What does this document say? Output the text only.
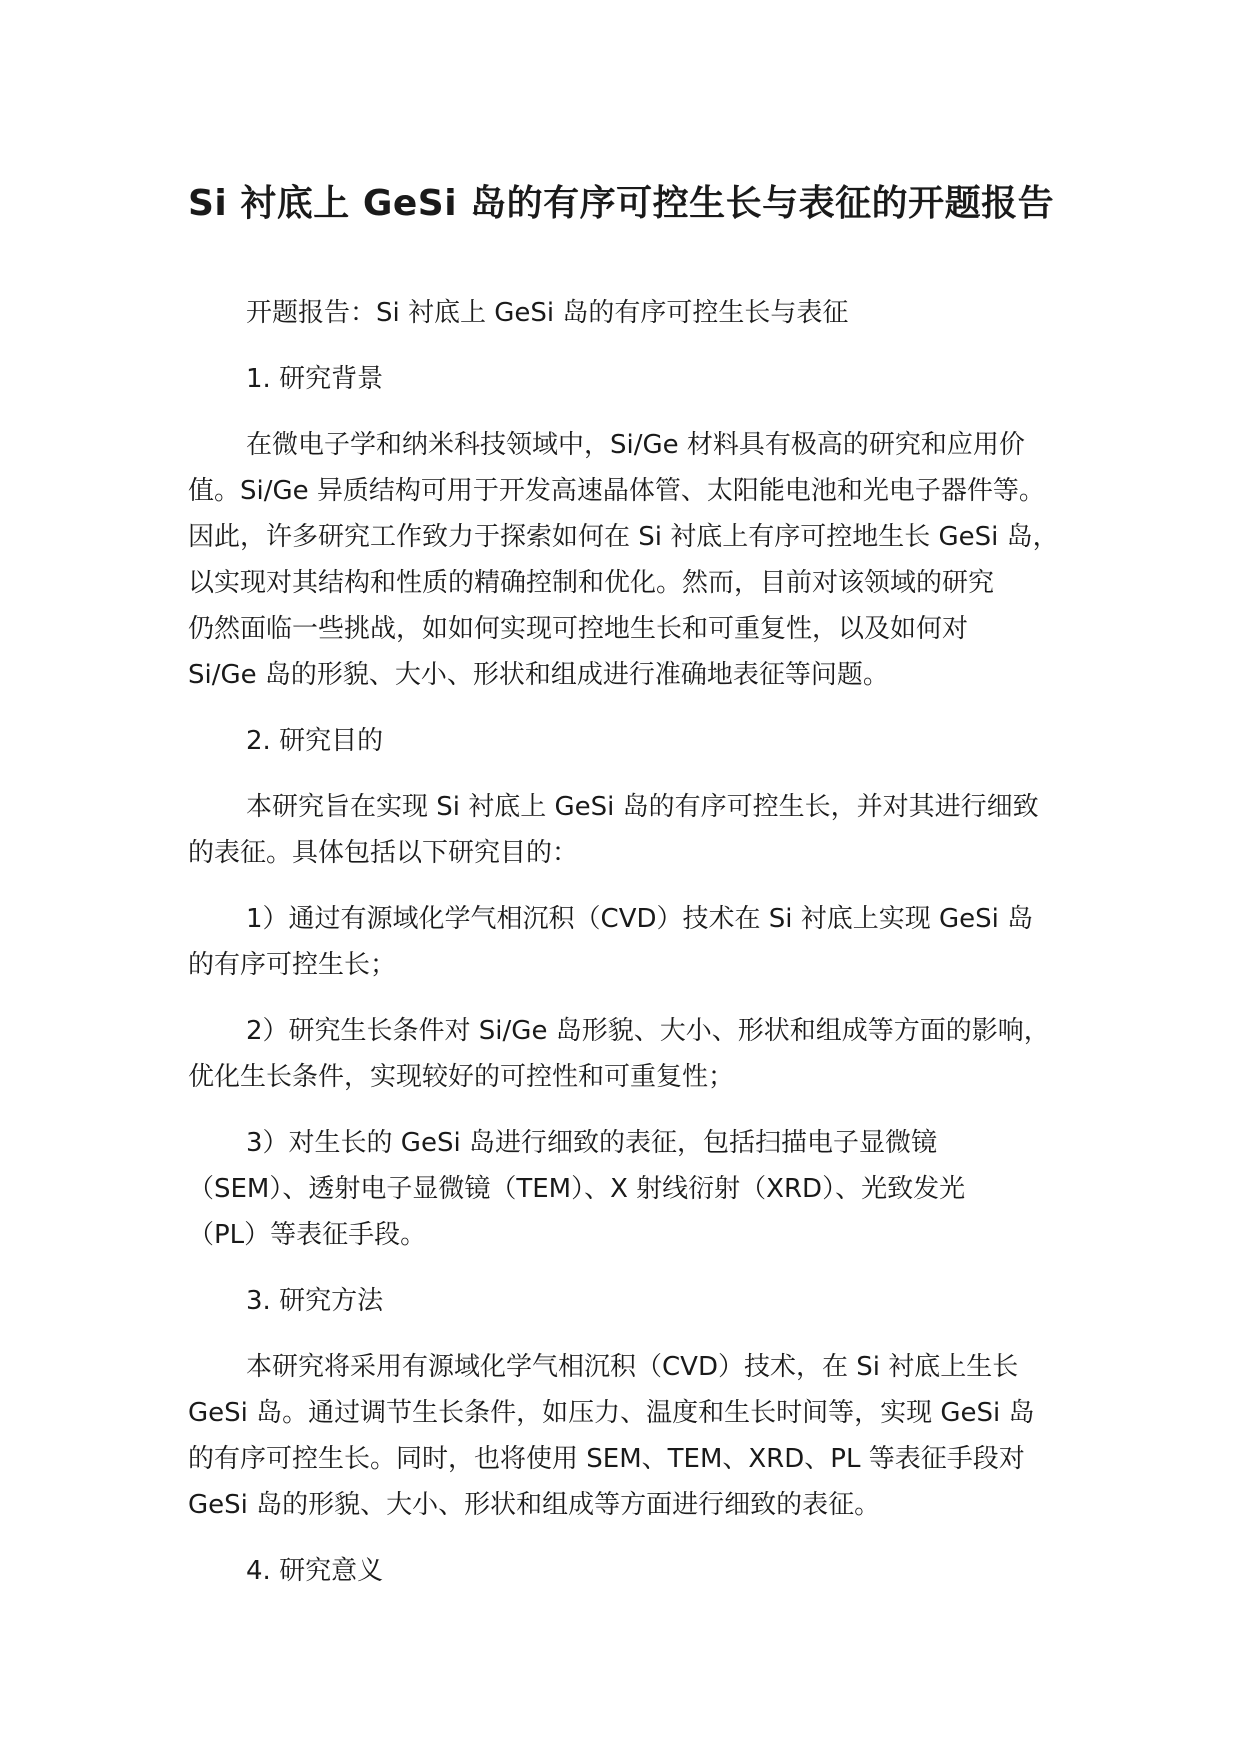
Si 衬底上 GeSi 岛的有序可控生长与表征的开题报告

开题报告：Si 衬底上 GeSi 岛的有序可控生长与表征

1. 研究背景

在微电子学和纳米科技领域中，Si/Ge 材料具有极高的研究和应用价
值。Si/Ge 异质结构可用于开发高速晶体管、太阳能电池和光电子器件等。
因此，许多研究工作致力于探索如何在 Si 衬底上有序可控地生长 GeSi 岛，
以实现对其结构和性质的精确控制和优化。然而，目前对该领域的研究
仍然面临一些挑战，如如何实现可控地生长和可重复性，以及如何对
Si/Ge 岛的形貌、大小、形状和组成进行准确地表征等问题。

2. 研究目的

本研究旨在实现 Si 衬底上 GeSi 岛的有序可控生长，并对其进行细致
的表征。具体包括以下研究目的：

1）通过有源域化学气相沉积（CVD）技术在 Si 衬底上实现 GeSi 岛
的有序可控生长；

2）研究生长条件对 Si/Ge 岛形貌、大小、形状和组成等方面的影响，
优化生长条件，实现较好的可控性和可重复性；

3）对生长的 GeSi 岛进行细致的表征，包括扫描电子显微镜
（SEM）、透射电子显微镜（TEM）、X 射线衍射（XRD）、光致发光
（PL）等表征手段。

3. 研究方法

本研究将采用有源域化学气相沉积（CVD）技术，在 Si 衬底上生长
GeSi 岛。通过调节生长条件，如压力、温度和生长时间等，实现 GeSi 岛
的有序可控生长。同时，也将使用 SEM、TEM、XRD、PL 等表征手段对
GeSi 岛的形貌、大小、形状和组成等方面进行细致的表征。

4. 研究意义
